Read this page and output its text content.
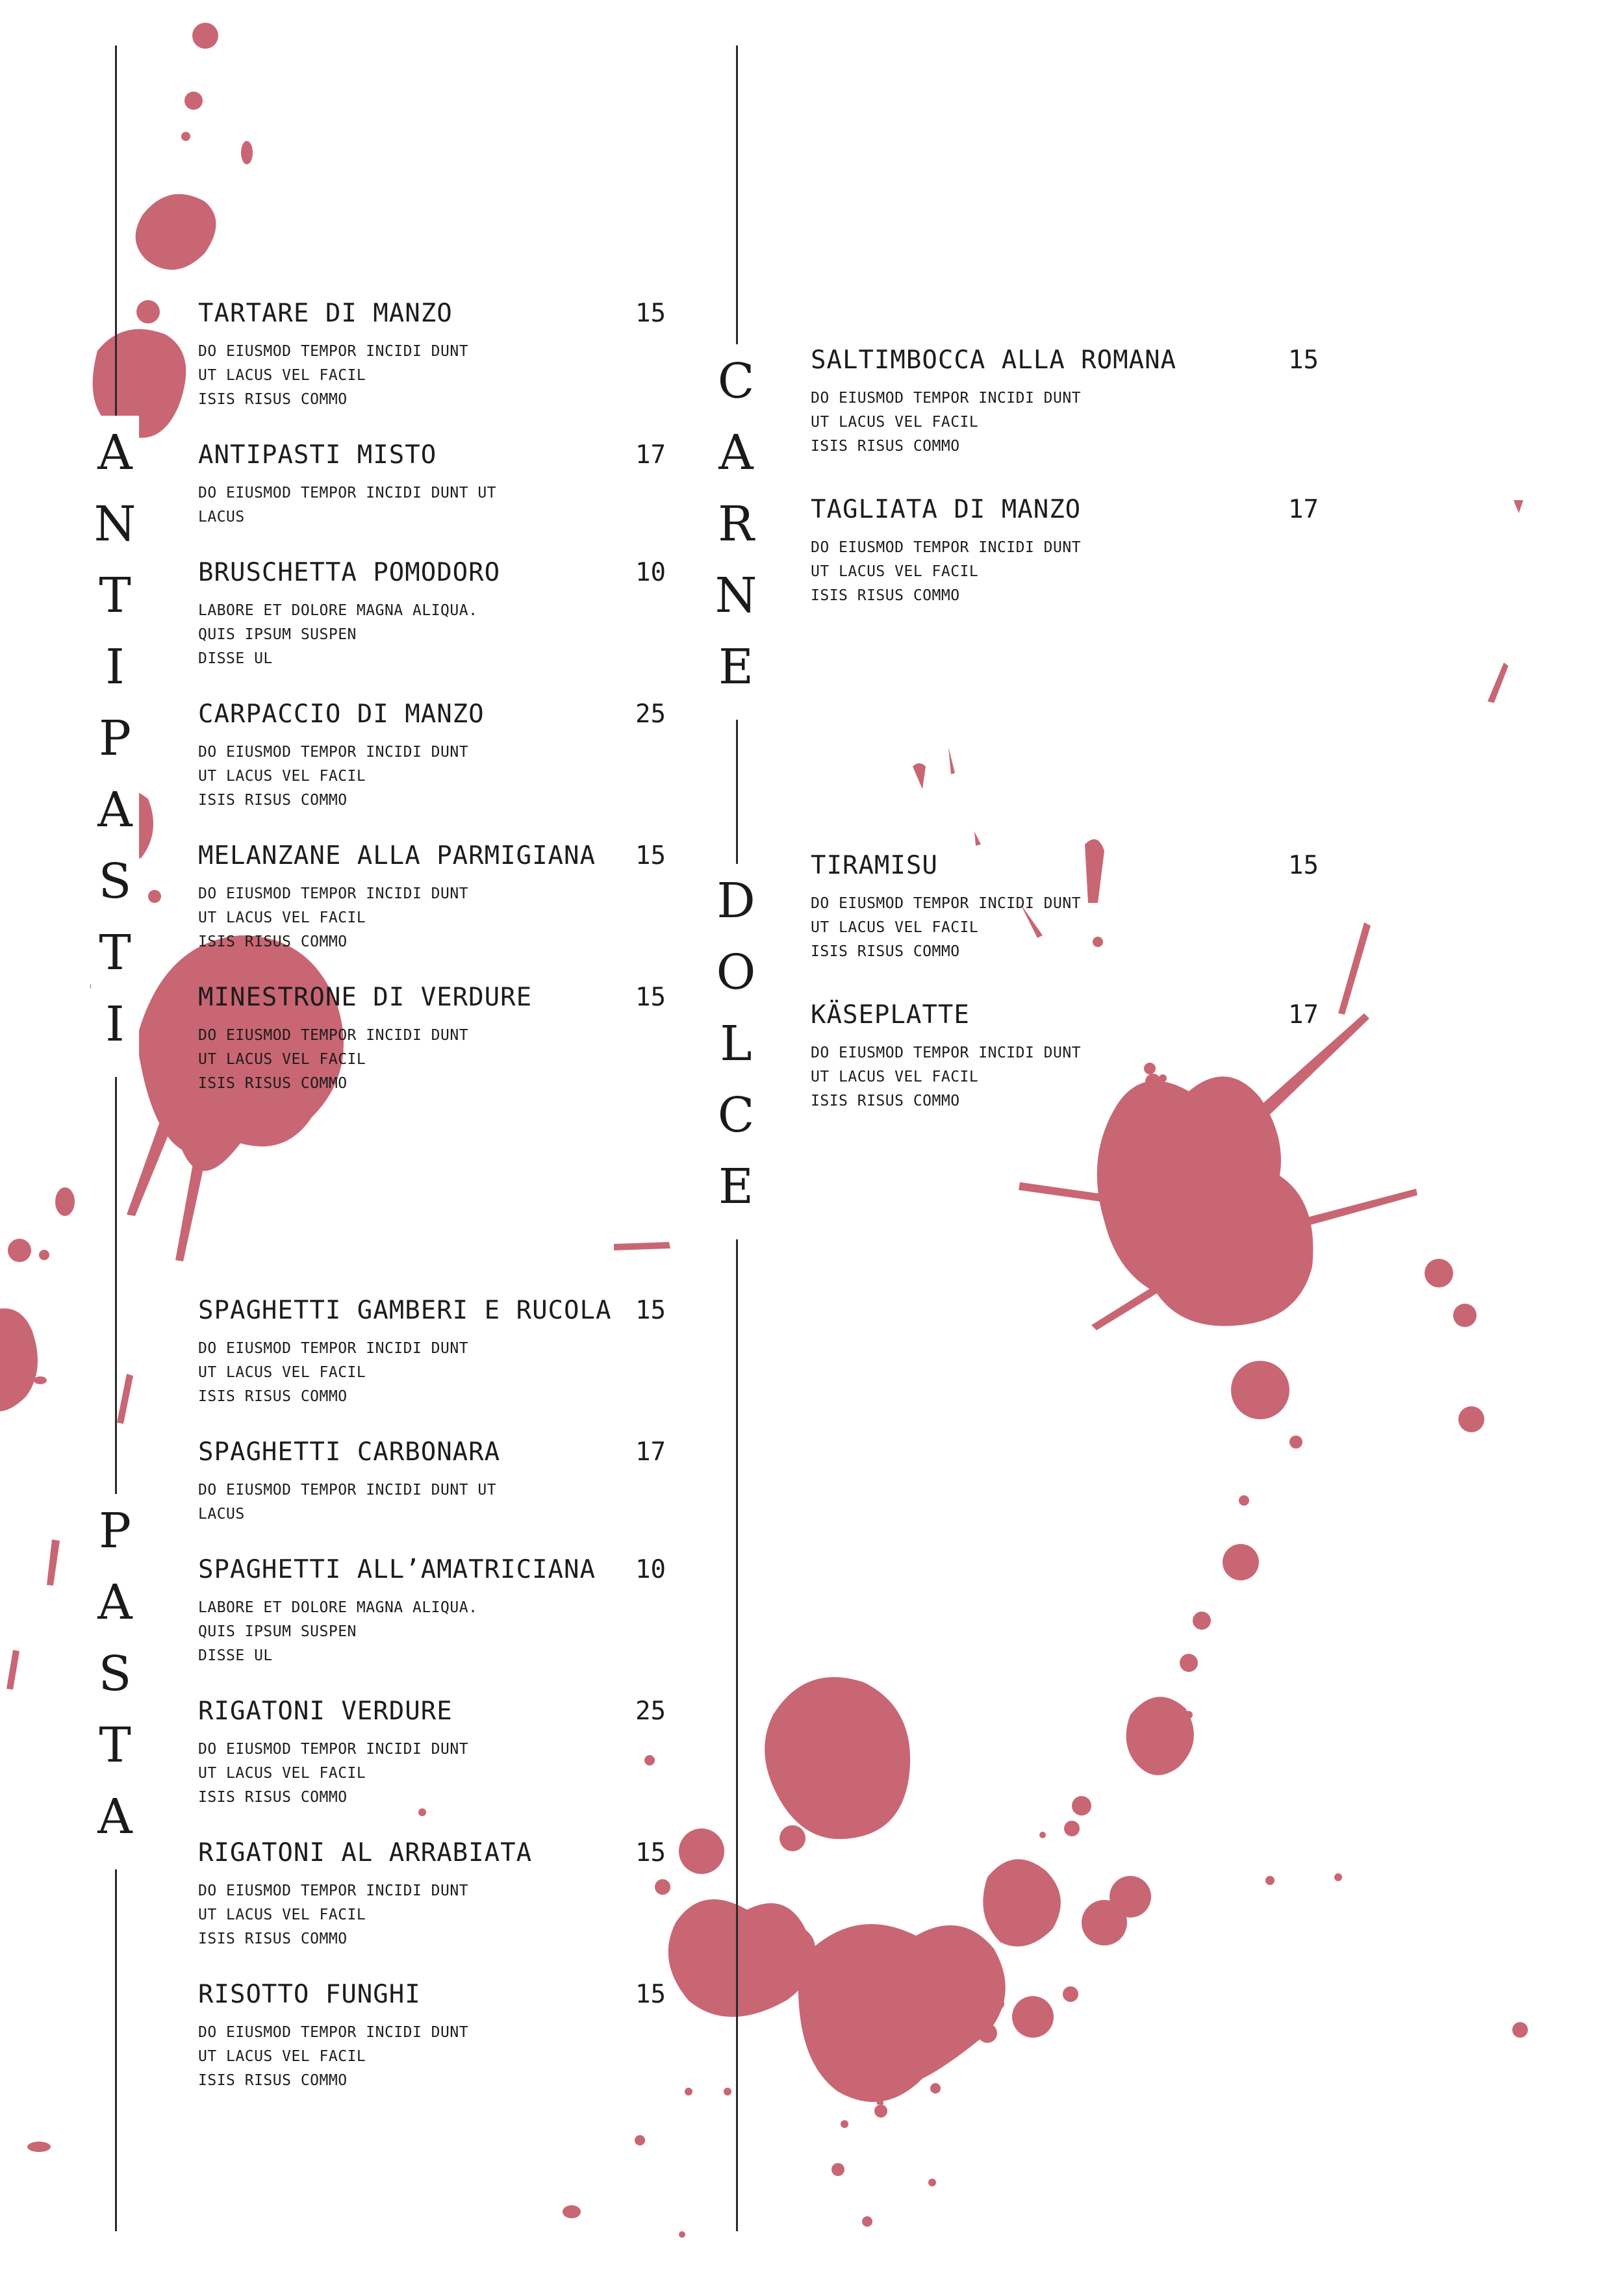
ANTIPASTI
PASTA
CARNE
DOLCE
TARTARE DI MANZO	15
DO EIUSMOD TEMPOR INCIDI DUNT
UT LACUS VEL FACIL
ISIS RISUS COMMO
ANTIPASTI MISTO	17
DO EIUSMOD TEMPOR INCIDI DUNT UT
LACUS
BRUSCHETTA POMODORO	10
LABORE ET DOLORE MAGNA ALIQUA.
QUIS IPSUM SUSPEN
DISSE UL
CARPACCIO DI MANZO	25
DO EIUSMOD TEMPOR INCIDI DUNT
UT LACUS VEL FACIL
ISIS RISUS COMMO
MELANZANE ALLA PARMIGIANA 15
DO EIUSMOD TEMPOR INCIDI DUNT
UT LACUS VEL FACIL
ISIS RISUS COMMO
MINESTRONE DI VERDURE	15
DO EIUSMOD TEMPOR INCIDI DUNT
UT LACUS VEL FACIL
ISIS RISUS COMMO
SPAGHETTI GAMBERI E RUCOLA 15
DO EIUSMOD TEMPOR INCIDI DUNT
UT LACUS VEL FACIL
ISIS RISUS COMMO
SPAGHETTI CARBONARA	17
DO EIUSMOD TEMPOR INCIDI DUNT UT
LACUS
SPAGHETTI ALL’AMATRICIANA 10
LABORE ET DOLORE MAGNA ALIQUA.
QUIS IPSUM SUSPEN
DISSE UL
RIGATONI VERDURE	25
DO EIUSMOD TEMPOR INCIDI DUNT
UT LACUS VEL FACIL
ISIS RISUS COMMO
RIGATONI AL ARRABIATA	15
DO EIUSMOD TEMPOR INCIDI DUNT
UT LACUS VEL FACIL
ISIS RISUS COMMO
RISOTTO FUNGHI	15
DO EIUSMOD TEMPOR INCIDI DUNT
UT LACUS VEL FACIL
ISIS RISUS COMMO
SALTIMBOCCA ALLA ROMANA	15
DO EIUSMOD TEMPOR INCIDI DUNT
UT LACUS VEL FACIL
ISIS RISUS COMMO
TAGLIATA DI MANZO	17
DO EIUSMOD TEMPOR INCIDI DUNT
UT LACUS VEL FACIL
ISIS RISUS COMMO
TIRAMISU	15
DO EIUSMOD TEMPOR INCIDI DUNT
UT LACUS VEL FACIL
ISIS RISUS COMMO
KÄSEPLATTE	17
DO EIUSMOD TEMPOR INCIDI DUNT
UT LACUS VEL FACIL
ISIS RISUS COMMO
